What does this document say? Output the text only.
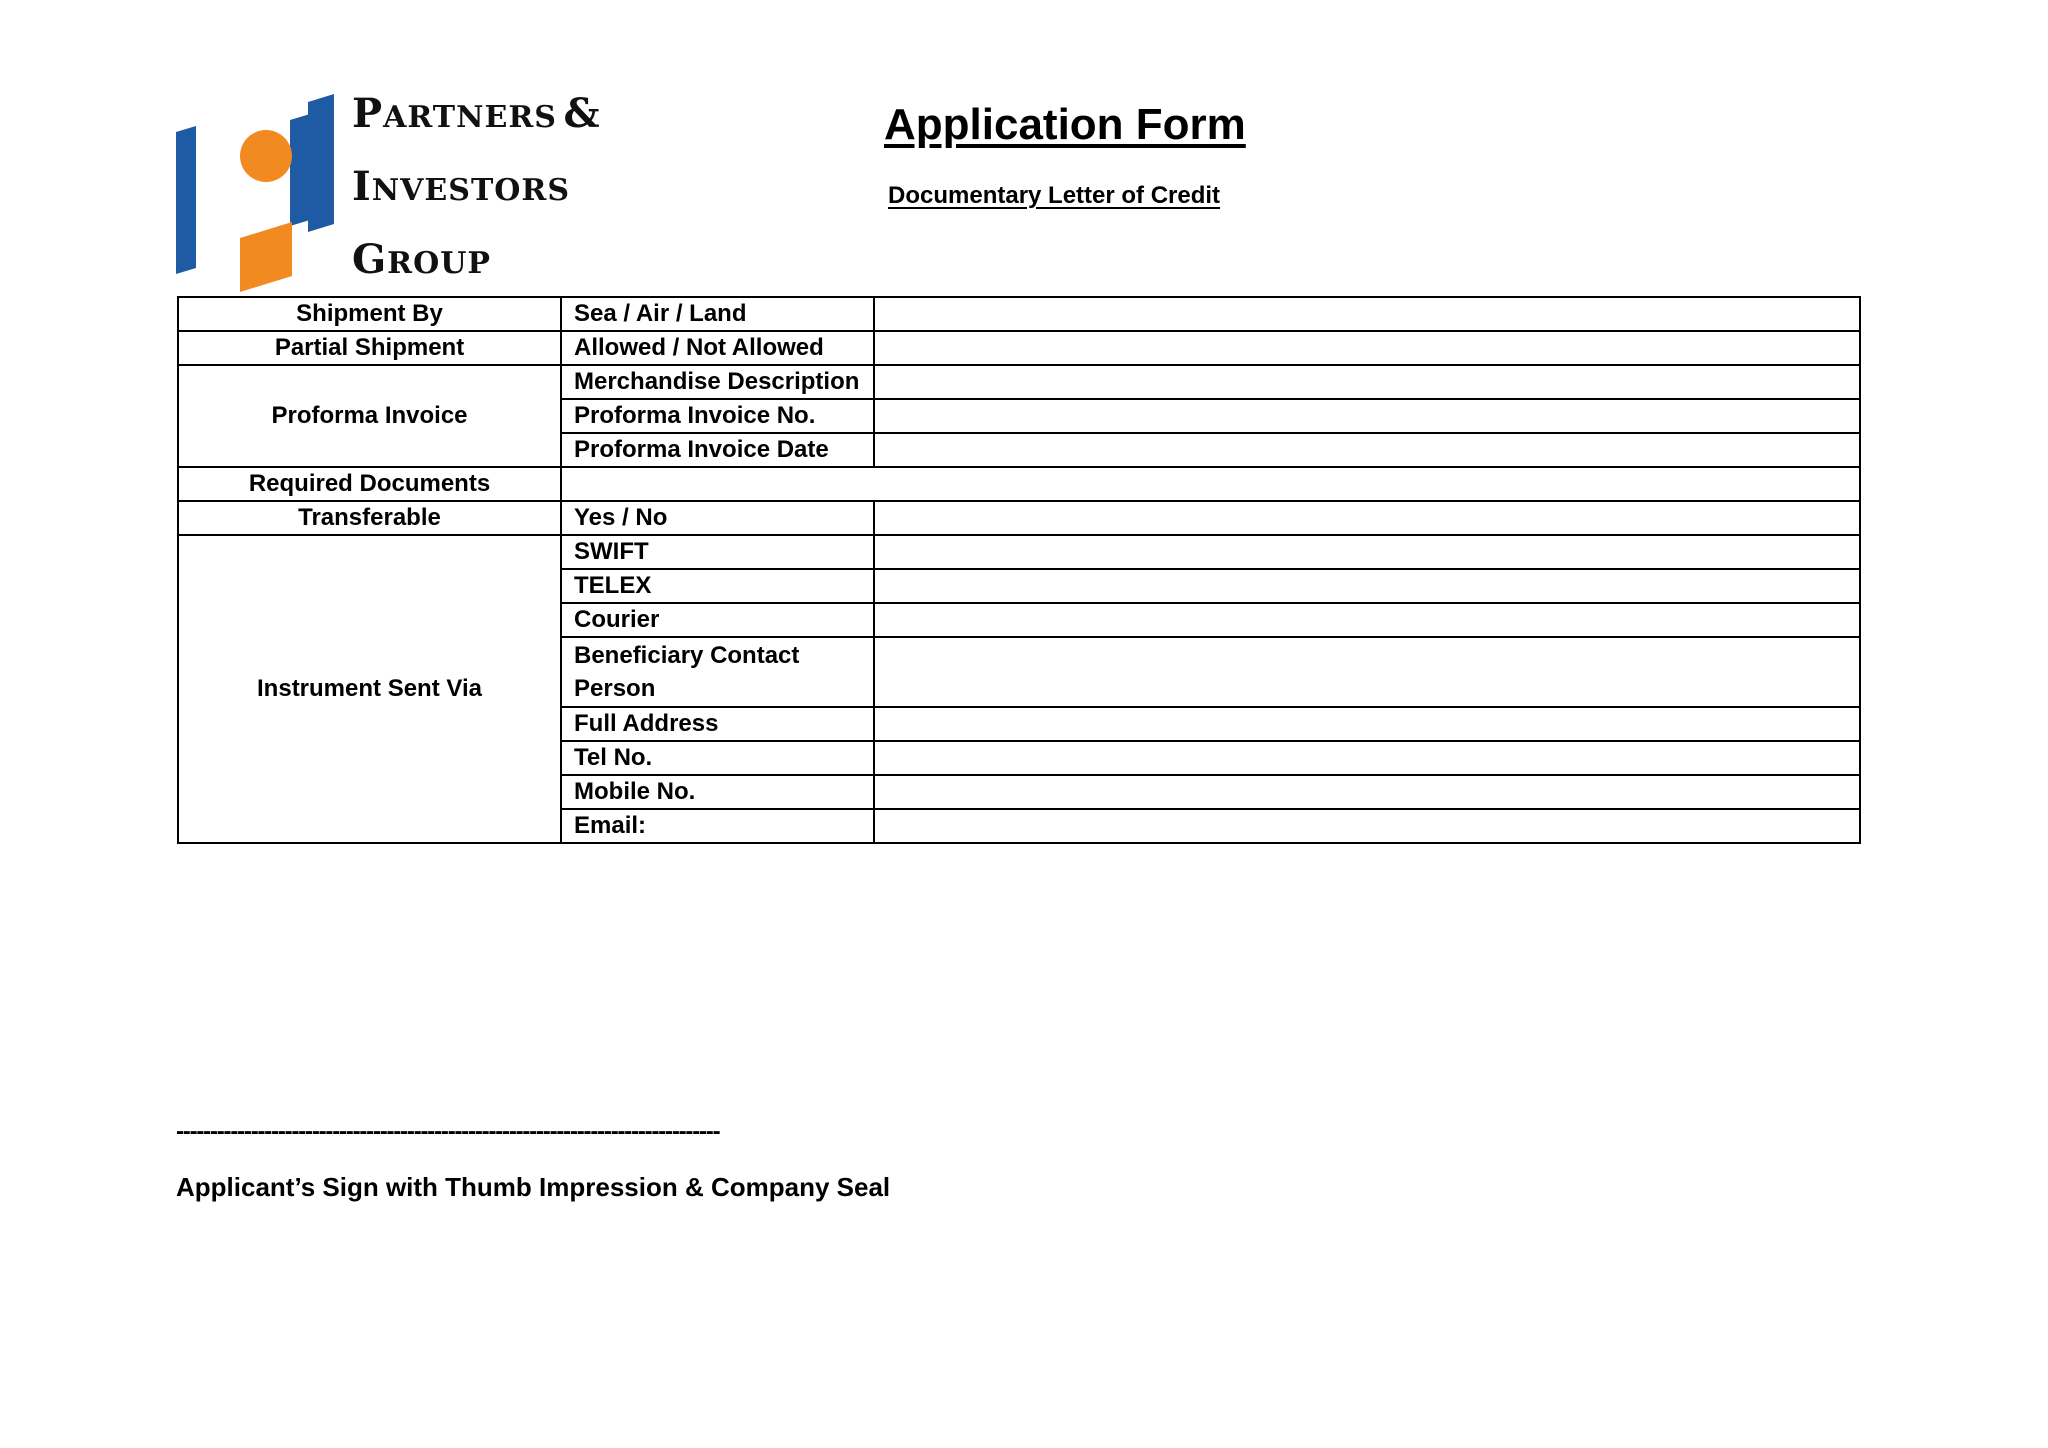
PARTNERS &
INVESTORS
GROUP
Application Form
Documentary Letter of Credit
Shipment By	Sea / Air / Land	
Partial Shipment	Allowed / Not Allowed	
Proforma Invoice	Merchandise Description	
	Proforma Invoice No.	
	Proforma Invoice Date	
Required Documents		
Transferable	Yes / No	
Instrument Sent Via	SWIFT	
	TELEX	
	Courier	
	Beneficiary Contact Person	
	Full Address	
	Tel No.	
	Mobile No.	
	Email:	
--------------------------------------------------------------------------------
Applicant’s Sign with Thumb Impression & Company Seal
